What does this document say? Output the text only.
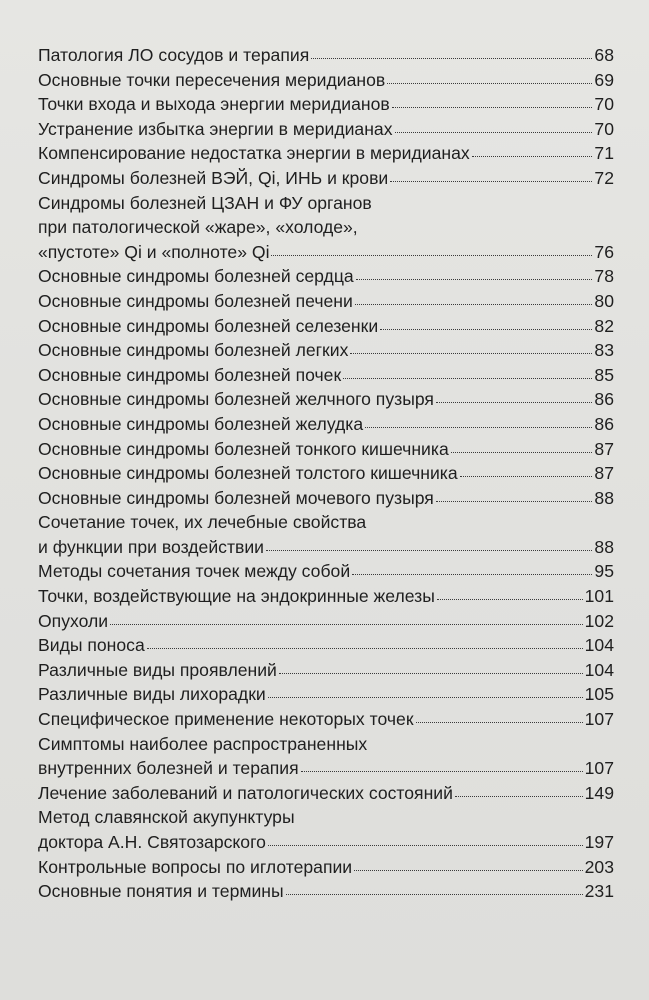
Патология ЛО сосудов и терапия	68
Основные точки пересечения меридианов	69
Точки входа и выхода энергии меридианов	70
Устранение избытка энергии в меридианах	70
Компенсирование недостатка энергии в меридианах	71
Синдромы болезней ВЭЙ, Qi, ИНЬ и крови	72
Синдромы болезней ЦЗАН и ФУ органов
при патологической «жаре», «холоде»,
«пустоте» Qi и «полноте» Qi	76
Основные синдромы болезней сердца	78
Основные синдромы болезней печени	80
Основные синдромы болезней селезенки	82
Основные синдромы болезней легких	83
Основные синдромы болезней почек	85
Основные синдромы болезней желчного пузыря	86
Основные синдромы болезней желудка	86
Основные синдромы болезней тонкого кишечника	87
Основные синдромы болезней толстого кишечника	87
Основные синдромы болезней мочевого пузыря	88
Сочетание точек, их лечебные свойства
и функции при воздействии	88
Методы сочетания точек между собой	95
Точки, воздействующие на эндокринные железы	101
Опухоли	102
Виды поноса	104
Различные виды проявлений	104
Различные виды лихорадки	105
Специфическое применение некоторых точек	107
Симптомы наиболее распространенных
внутренних болезней и терапия	107
Лечение заболеваний и патологических состояний	149
Метод славянской акупунктуры
доктора А.Н. Святозарского	197
Контрольные вопросы по иглотерапии	203
Основные понятия и термины	231
